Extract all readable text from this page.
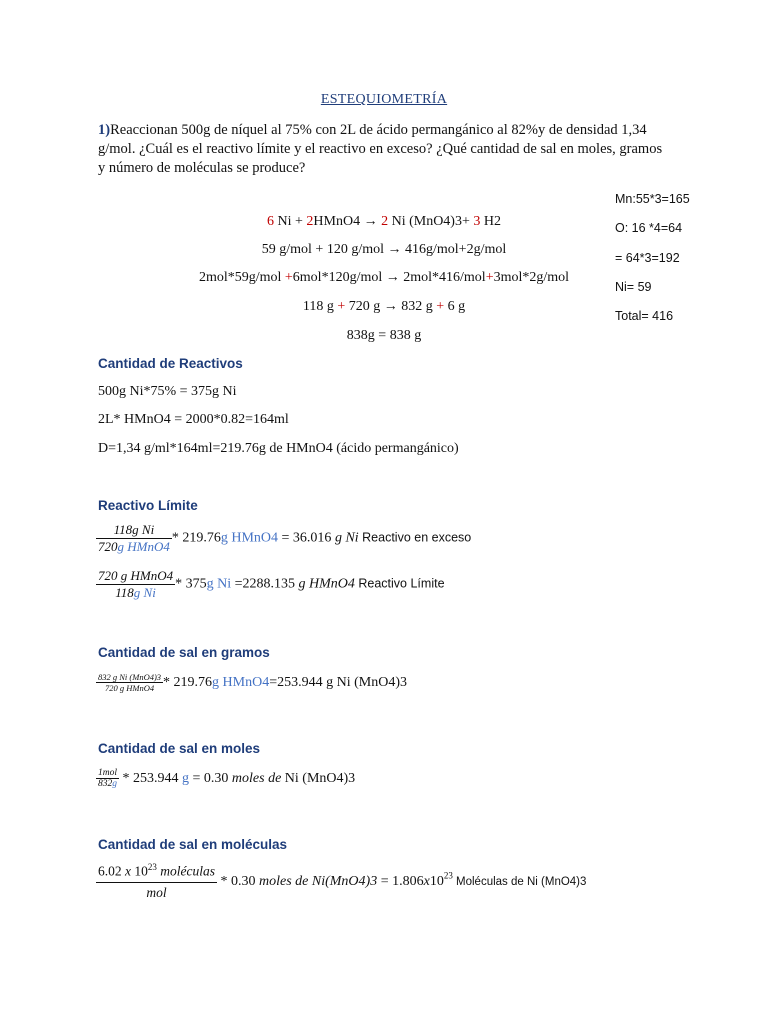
ESTEQUIOMETRÍA
1)Reaccionan 500g de níquel al 75% con 2L de ácido permangánico al 82%y de densidad 1,34
g/mol. ¿Cuál es el reactivo límite y el reactivo en exceso? ¿Qué cantidad de sal en moles, gramos
y número de moléculas se produce?
6 Ni + 2HMnO4 → 2 Ni (MnO4)3+ 3 H2
59 g/mol + 120 g/mol → 416g/mol+2g/mol
2mol*59g/mol +6mol*120g/mol → 2mol*416/mol+3mol*2g/mol
118 g + 720 g → 832 g + 6 g
838g = 838 g
Mn:55*3=165
O: 16 *4=64
= 64*3=192
Ni= 59
Total= 416
Cantidad de Reactivos
500g Ni*75% = 375g Ni
2L* HMnO4 = 2000*0.82=164ml
D=1,34 g/ml*164ml=219.76g de HMnO4 (ácido permangánico)
Reactivo Límite
$\frac{\text{118g Ni}}{\text{720g HMnO4}} * 219.76g$ HMnO4 = 36.016 g Ni Reactivo en exceso
$\frac{\text{720 g HMnO4}}{\text{118g Ni}} * 375g$ Ni =2288.135 g HMnO4 Reactivo Límite
Cantidad de sal en gramos
$\frac{\text{832 g Ni (MnO4)3}}{\text{720 g HMnO4}} * 219.76g$ HMnO4=253.944 g Ni (MnO4)3
Cantidad de sal en moles
$\frac{\text{1mol}}{832g} * 253.944$ g = 0.30 moles de Ni (MnO4)3
Cantidad de sal en moléculas
$\frac{6.02 x 10^{23} moléculas}{\text{mol}} * 0.30$ moles de $Ni(MnO4)3 = 1.806x10^{23}$ Moléculas de Ni (MnO4)3
